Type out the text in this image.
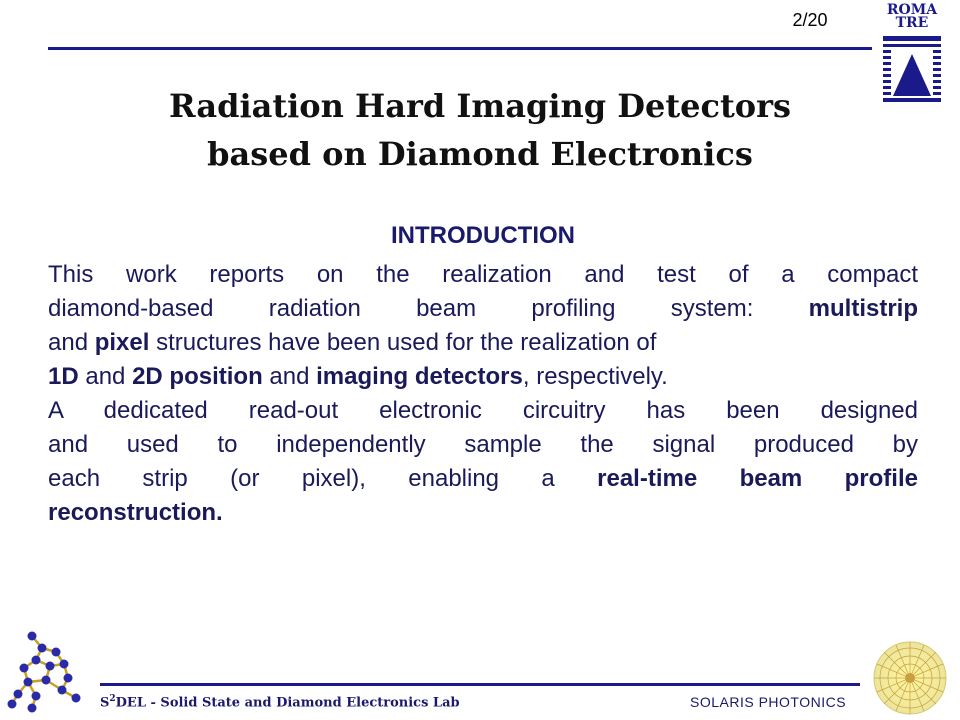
2/20	ROMA
TRE
Radiation Hard Imaging Detectors
based on Diamond Electronics
INTRODUCTION

This work reports on the realization and test of a compact

diamond-based radiation beam profiling system: multistrip

and pixel structures have been used for the realization of

1D and 2D position and imaging detectors, respectively.

A dedicated read-out electronic circuitry has been designed

and used to independently sample the signal produced by

each strip (or pixel), enabling a real-time beam profile

reconstruction.

$S^2DEL$ - Solid State and Diamond Electronics Lab	SOLARIS PHOTONICS
